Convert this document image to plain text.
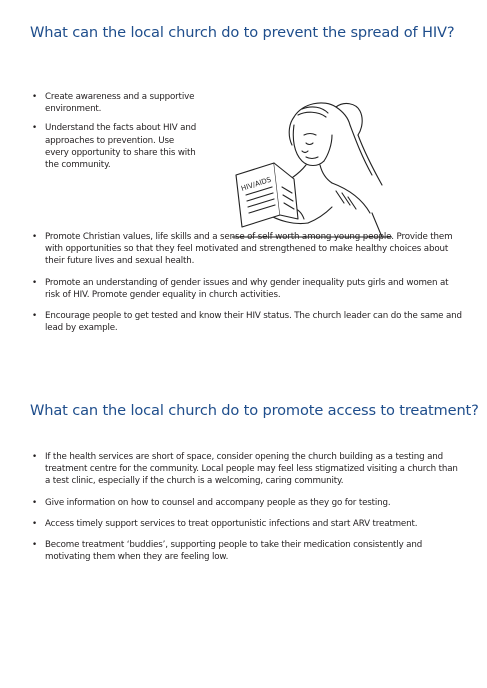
What can the local church do to prevent the spread of HIV?
• Create awareness and a supportive environment.
• Understand the facts about HIV and approaches to prevention. Use every opportunity to share this with the community.
HIV/AIDS
• Promote Christian values, life skills and a sense of self worth among young people. Provide them with opportunities so that they feel motivated and strengthened to make healthy choices about their future lives and sexual health.
• Promote an understanding of gender issues and why gender inequality puts girls and women at risk of HIV. Promote gender equality in church activities.
• Encourage people to get tested and know their HIV status. The church leader can do the same and lead by example.
What can the local church do to promote access to treatment?
• If the health services are short of space, consider opening the church building as a testing and treatment centre for the community. Local people may feel less stigmatized visiting a church than a test clinic, especially if the church is a welcoming, caring community.
• Give information on how to counsel and accompany people as they go for testing.
• Access timely support services to treat opportunistic infections and start ARV treatment.
• Become treatment ‘buddies’, supporting people to take their medication consistently and motivating them when they are feeling low.
